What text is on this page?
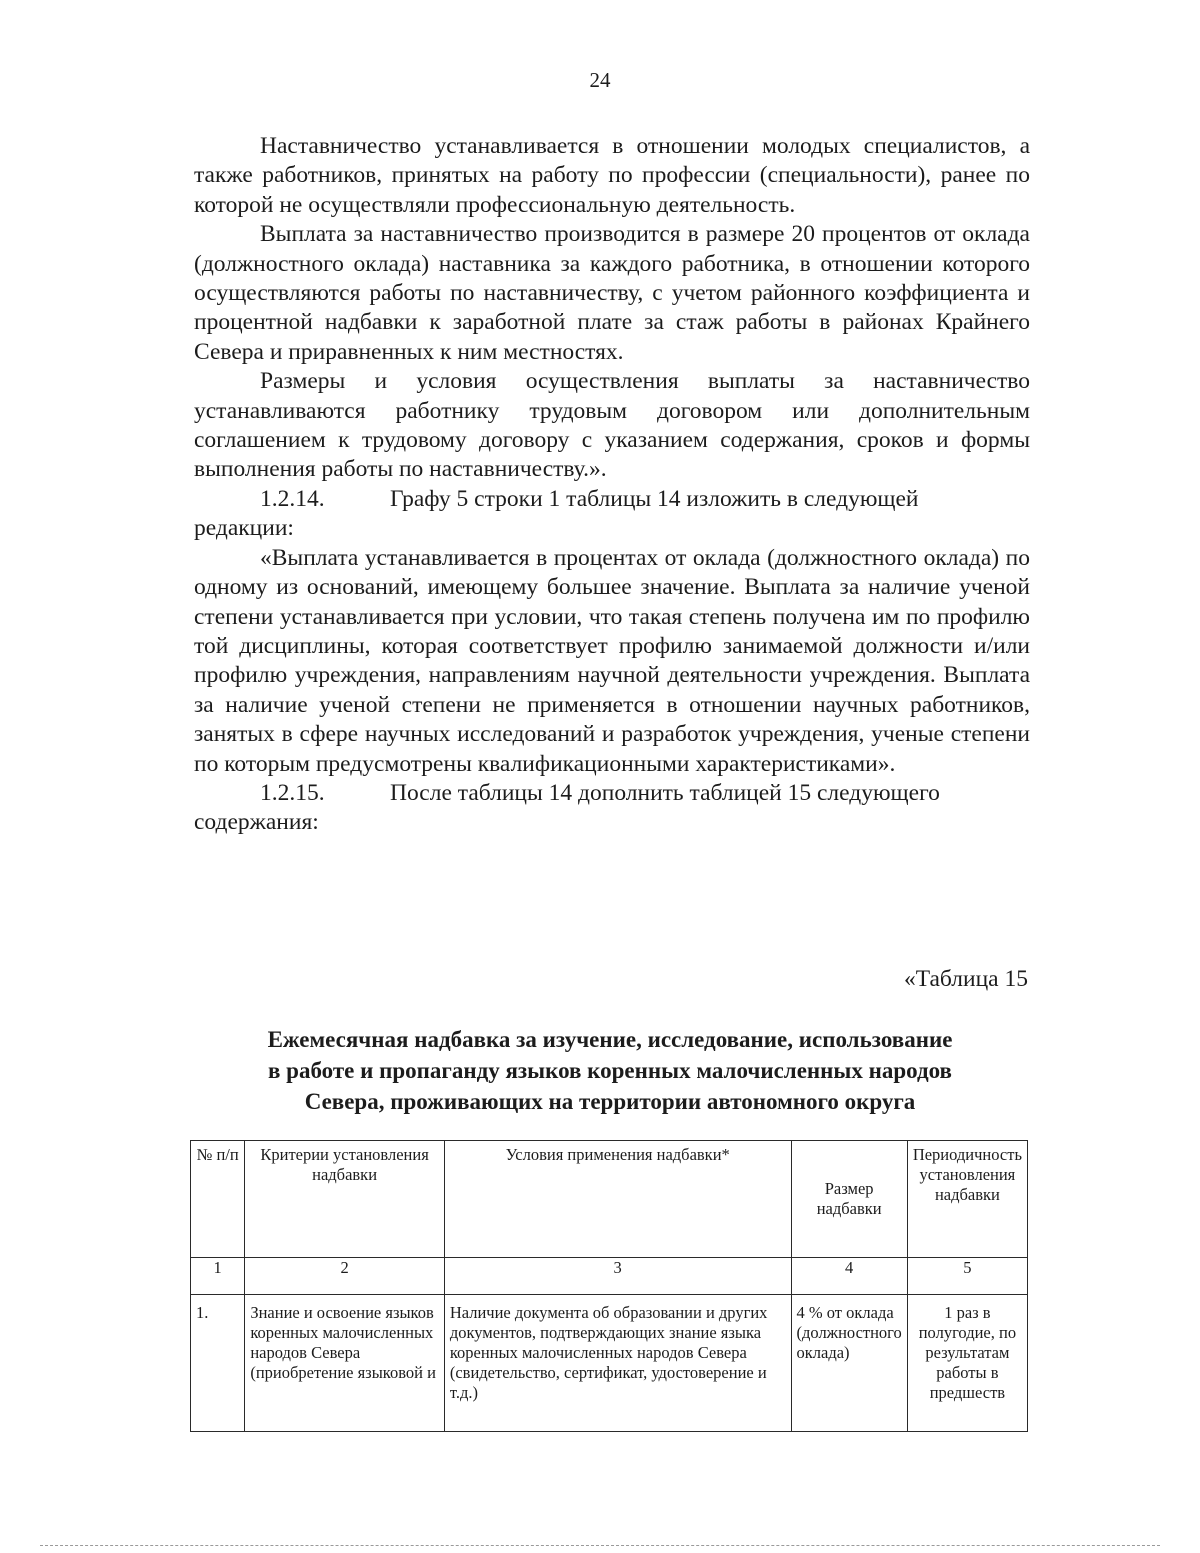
24

Наставничество устанавливается в отношении молодых специалистов, а также работников, принятых на работу по профессии (специальности), ранее по которой не осуществляли профессиональную деятельность.

Выплата за наставничество производится в размере 20 процентов от оклада (должностного оклада) наставника за каждого работника, в отношении которого осуществляются работы по наставничеству, с учетом районного коэффициента и процентной надбавки к заработной плате за стаж работы в районах Крайнего Севера и приравненных к ним местностях.

Размеры и условия осуществления выплаты за наставничество устанавливаются работнику трудовым договором или дополнительным соглашением к трудовому договору с указанием содержания, сроков и формы выполнения работы по наставничеству.».

1.2.14.	Графу 5 строки 1 таблицы 14 изложить в следующей
редакции:

«Выплата устанавливается в процентах от оклада (должностного оклада) по одному из оснований, имеющему большее значение. Выплата за наличие ученой степени устанавливается при условии, что такая степень получена им по профилю той дисциплины, которая соответствует профилю занимаемой должности и/или профилю учреждения, направлениям научной деятельности учреждения. Выплата за наличие ученой степени не применяется в отношении научных работников, занятых в сфере научных исследований и разработок учреждения, ученые степени по которым предусмотрены квалификационными характеристиками».

1.2.15.	После таблицы 14 дополнить таблицей 15 следующего
содержания:

«Таблица 15
Ежемесячная надбавка за изучение, исследование, использование
в работе и пропаганду языков коренных малочисленных народов
Севера, проживающих на территории автономного округа
№ п/п	Критерии установления надбавки	Условия применения надбавки*	Размер надбавки	Периодичность установления надбавки
1	2	3	4	5
1.	Знание и освоение языков коренных малочисленных народов Севера (приобретение языковой и	Наличие документа об образовании и других документов, подтверждающих знание языка коренных малочисленных народов Севера (свидетельство, сертификат, удостоверение и т.д.)	4 % от оклада (должностного оклада)	1 раз в полугодие, по результатам работы в предшеств
